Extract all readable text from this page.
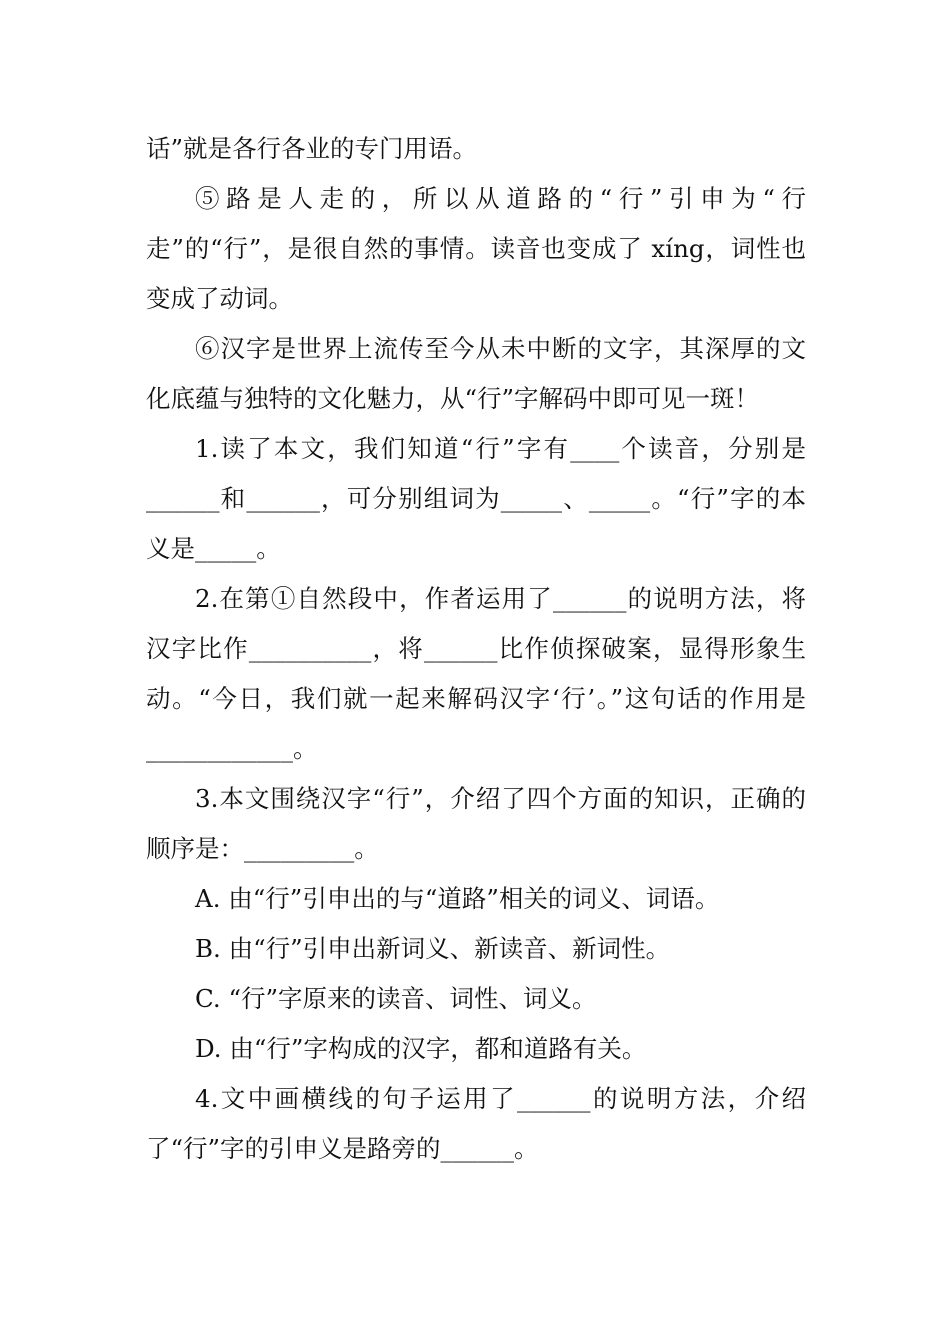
话”就是各行各业的专门用语。

⑤路是人走的，所以从道路的“行”引申为“行走”的“行”，是很自然的事情。读音也变成了 xíng，词性也变成了动词。

⑥汉字是世界上流传至今从未中断的文字，其深厚的文化底蕴与独特的文化魅力，从“行”字解码中即可见一斑！

1.读了本文，我们知道“行”字有____个读音，分别是______和______，可分别组词为_____、_____。“行”字的本义是_____。

2.在第①自然段中，作者运用了______的说明方法，将汉字比作__________，将______比作侦探破案，显得形象生动。“今日，我们就一起来解码汉字‘行’。”这句话的作用是____________。

3.本文围绕汉字“行”，介绍了四个方面的知识，正确的顺序是：_________。

A. 由“行”引申出的与“道路”相关的词义、词语。

B. 由“行”引申出新词义、新读音、新词性。

C. “行”字原来的读音、词性、词义。

D. 由“行”字构成的汉字，都和道路有关。

4.文中画横线的句子运用了______的说明方法，介绍了“行”字的引申义是路旁的______。
